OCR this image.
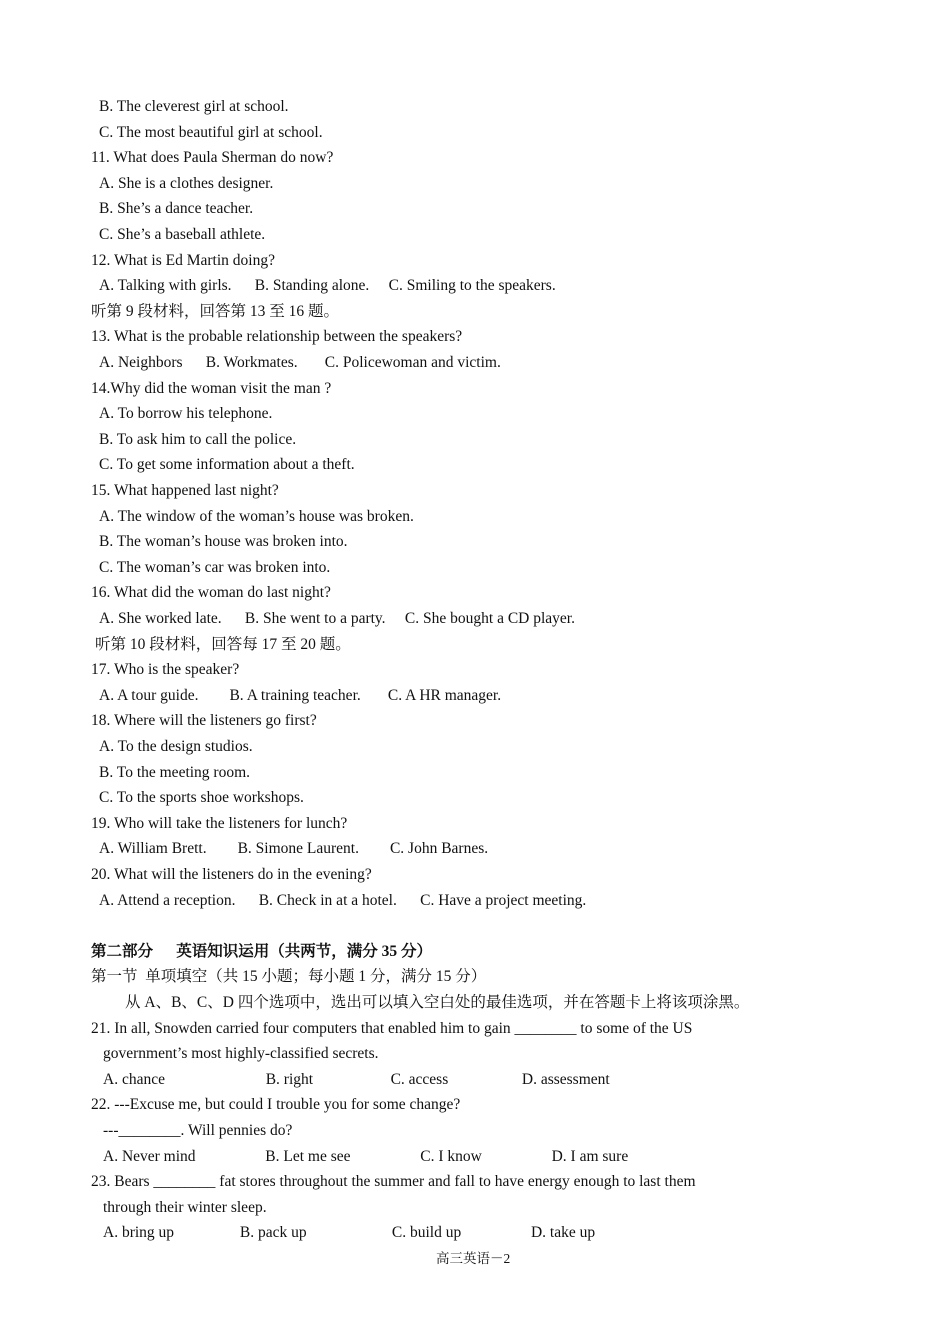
B. The cleverest girl at school.
C. The most beautiful girl at school.
11. What does Paula Sherman do now?
A. She is a clothes designer.
B. She’s a dance teacher.
C. She’s a baseball athlete.
12. What is Ed Martin doing?
A. Talking with girls.      B. Standing alone.     C. Smiling to the speakers.
听第 9 段材料，回答第 13 至 16 题。
13. What is the probable relationship between the speakers?
A. Neighbors      B. Workmates.       C. Policewoman and victim.
14.Why did the woman visit the man ?
A. To borrow his telephone.
B. To ask him to call the police.
C. To get some information about a theft.
15. What happened last night?
A. The window of the woman’s house was broken.
B. The woman’s house was broken into.
C. The woman’s car was broken into.
16. What did the woman do last night?
A. She worked late.      B. She went to a party.     C. She bought a CD player.
听第 10 段材料，回答每 17 至 20 题。
17. Who is the speaker?
A. A tour guide.        B. A training teacher.       C. A HR manager.
18. Where will the listeners go first?
A. To the design studios.
B. To the meeting room.
C. To the sports shoe workshops.
19. Who will take the listeners for lunch?
A. William Brett.        B. Simone Laurent.        C. John Barnes.
20. What will the listeners do in the evening?
A. Attend a reception.      B. Check in at a hotel.      C. Have a project meeting.
第二部分      英语知识运用（共两节，满分 35 分）
第一节  单项填空（共 15 小题；每小题 1 分，满分 15 分）
从 A、B、C、D 四个选项中，选出可以填入空白处的最佳选项，并在答题卡上将该项涂黑。
21. In all, Snowden carried four computers that enabled him to gain ________ to some of the US
government’s most highly-classified secrets.
A. chance                          B. right                    C. access                   D. assessment
22. ---Excuse me, but could I trouble you for some change?
---________. Will pennies do?
A. Never mind                  B. Let me see                  C. I know                  D. I am sure
23. Bears ________ fat stores throughout the summer and fall to have energy enough to last them
through their winter sleep.
A. bring up                 B. pack up                      C. build up                  D. take up
高三英语－2
